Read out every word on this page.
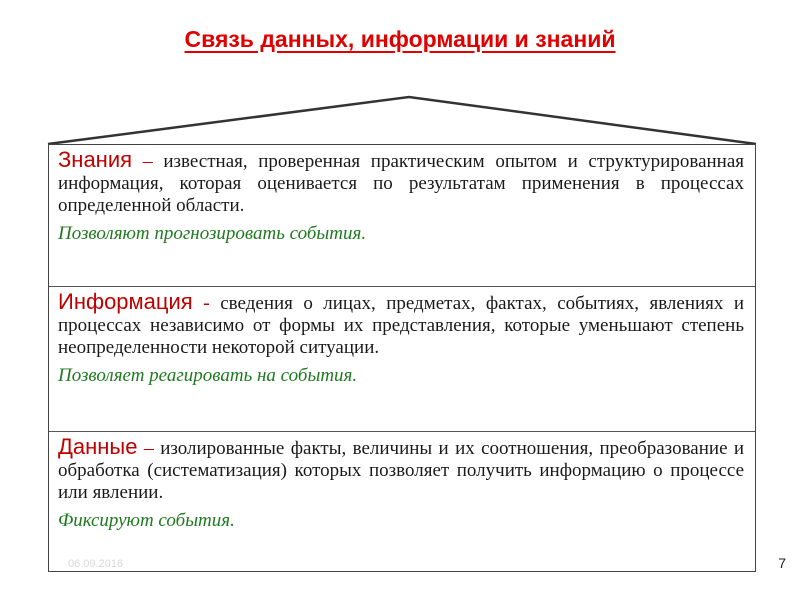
Связь данных, информации и знаний

Знания – известная, проверенная практическим опытом и структурированная информация, которая оценивается по результатам применения в процессах определенной области.

Позволяют прогнозировать события.

Информация - сведения о лицах, предметах, фактах, событиях, явлениях и процессах независимо от формы их представления, которые уменьшают степень неопределенности некоторой ситуации.

Позволяет реагировать на события.

Данные – изолированные факты, величины и их соотношения, преобразование и обработка (систематизация) которых позволяет получить информацию о процессе или явлении.

Фиксируют события.

06.09.2016	7
